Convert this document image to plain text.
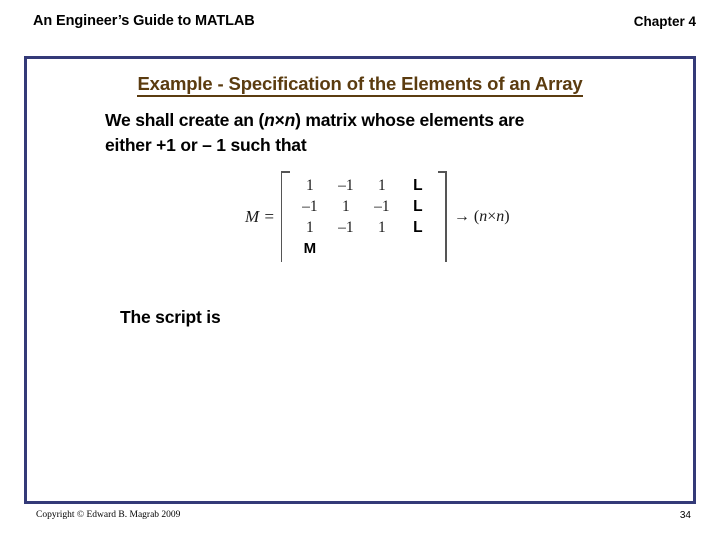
An Engineer’s Guide to MATLAB	Chapter 4
Example - Specification of the Elements of an Array
We shall create an (n×n) matrix whose elements are
either +1 or – 1 such that
M =
1	–1	1	L
–1	1	–1	L
1	–1	1	L
M
→ (n×n)
The script is
Copyright © Edward B. Magrab 2009	34
